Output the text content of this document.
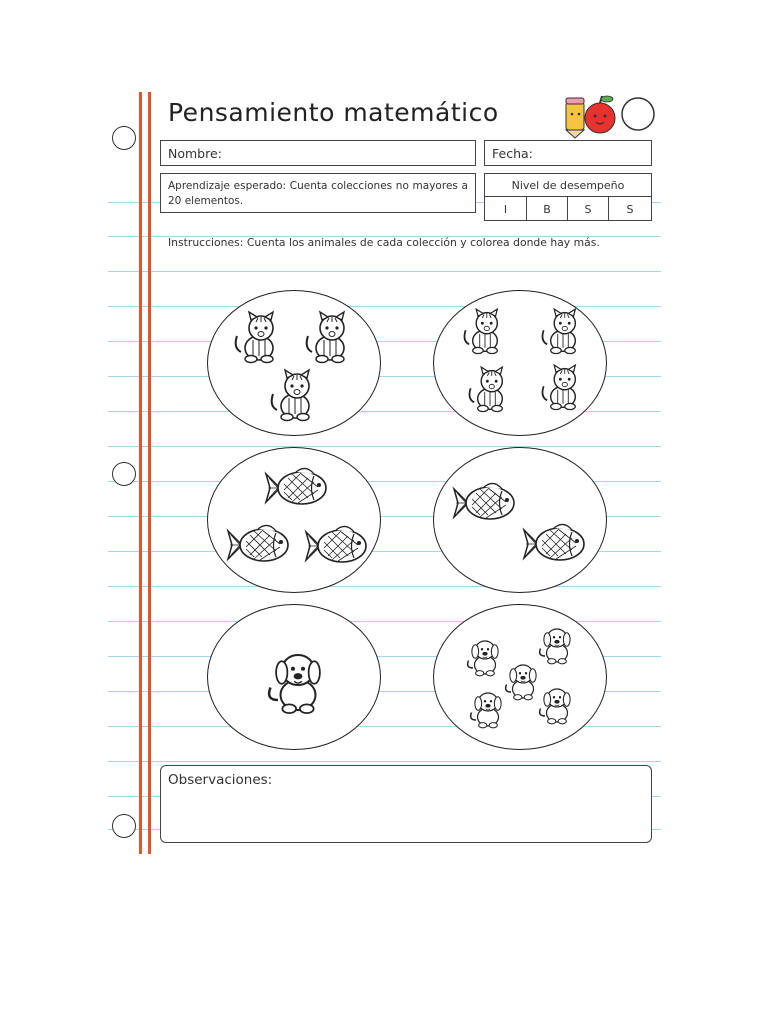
Pensamiento matemático
Nombre:	Fecha:
Aprendizaje esperado: Cuenta colecciones no mayores a 20 elementos.
Nivel de desempeño
I	B	S	S
Instrucciones: Cuenta los animales de cada colección y colorea donde hay más.
Observaciones:
